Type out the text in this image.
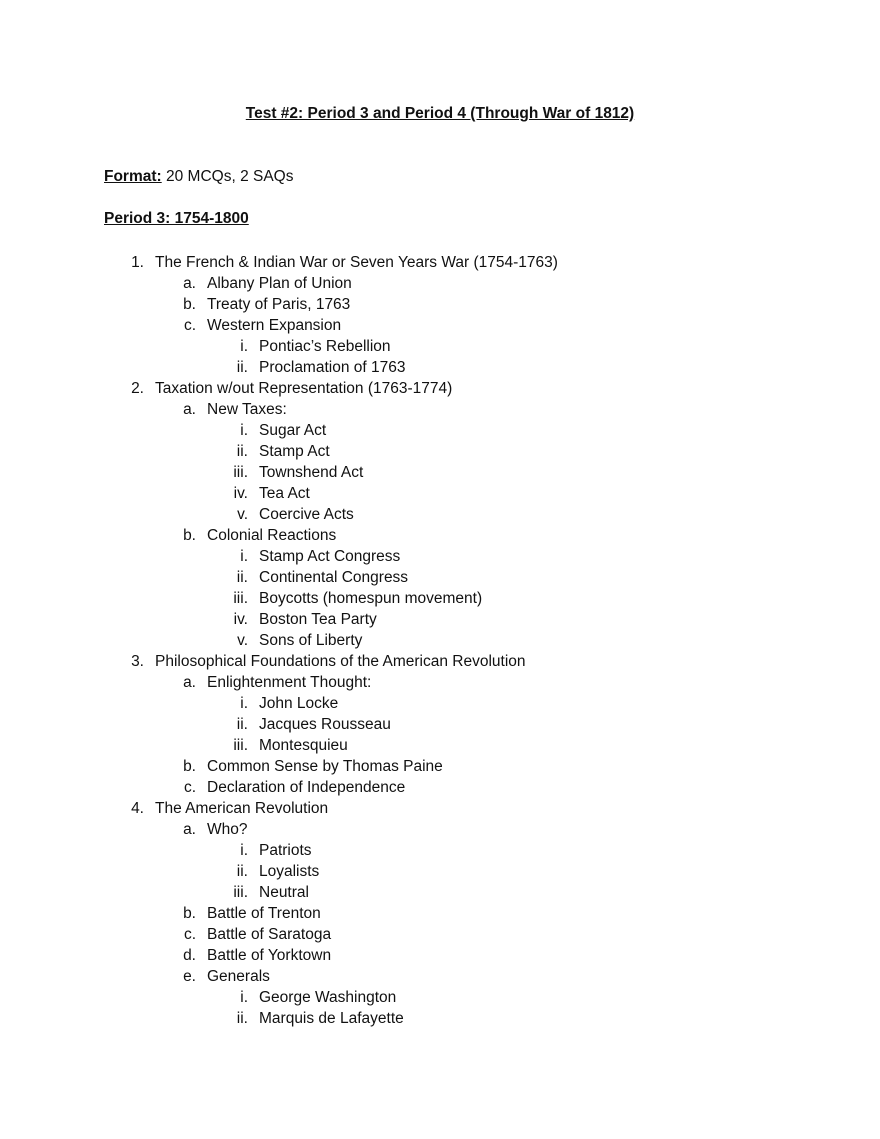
Test #2: Period 3 and Period 4 (Through War of 1812)
Format: 20 MCQs, 2 SAQs
Period 3: 1754-1800
1. The French & Indian War or Seven Years War (1754-1763)
a. Albany Plan of Union
b. Treaty of Paris, 1763
c. Western Expansion
i. Pontiac’s Rebellion
ii. Proclamation of 1763
2. Taxation w/out Representation (1763-1774)
a. New Taxes:
i. Sugar Act
ii. Stamp Act
iii. Townshend Act
iv. Tea Act
v. Coercive Acts
b. Colonial Reactions
i. Stamp Act Congress
ii. Continental Congress
iii. Boycotts (homespun movement)
iv. Boston Tea Party
v. Sons of Liberty
3. Philosophical Foundations of the American Revolution
a. Enlightenment Thought:
i. John Locke
ii. Jacques Rousseau
iii. Montesquieu
b. Common Sense by Thomas Paine
c. Declaration of Independence
4. The American Revolution
a. Who?
i. Patriots
ii. Loyalists
iii. Neutral
b. Battle of Trenton
c. Battle of Saratoga
d. Battle of Yorktown
e. Generals
i. George Washington
ii. Marquis de Lafayette
